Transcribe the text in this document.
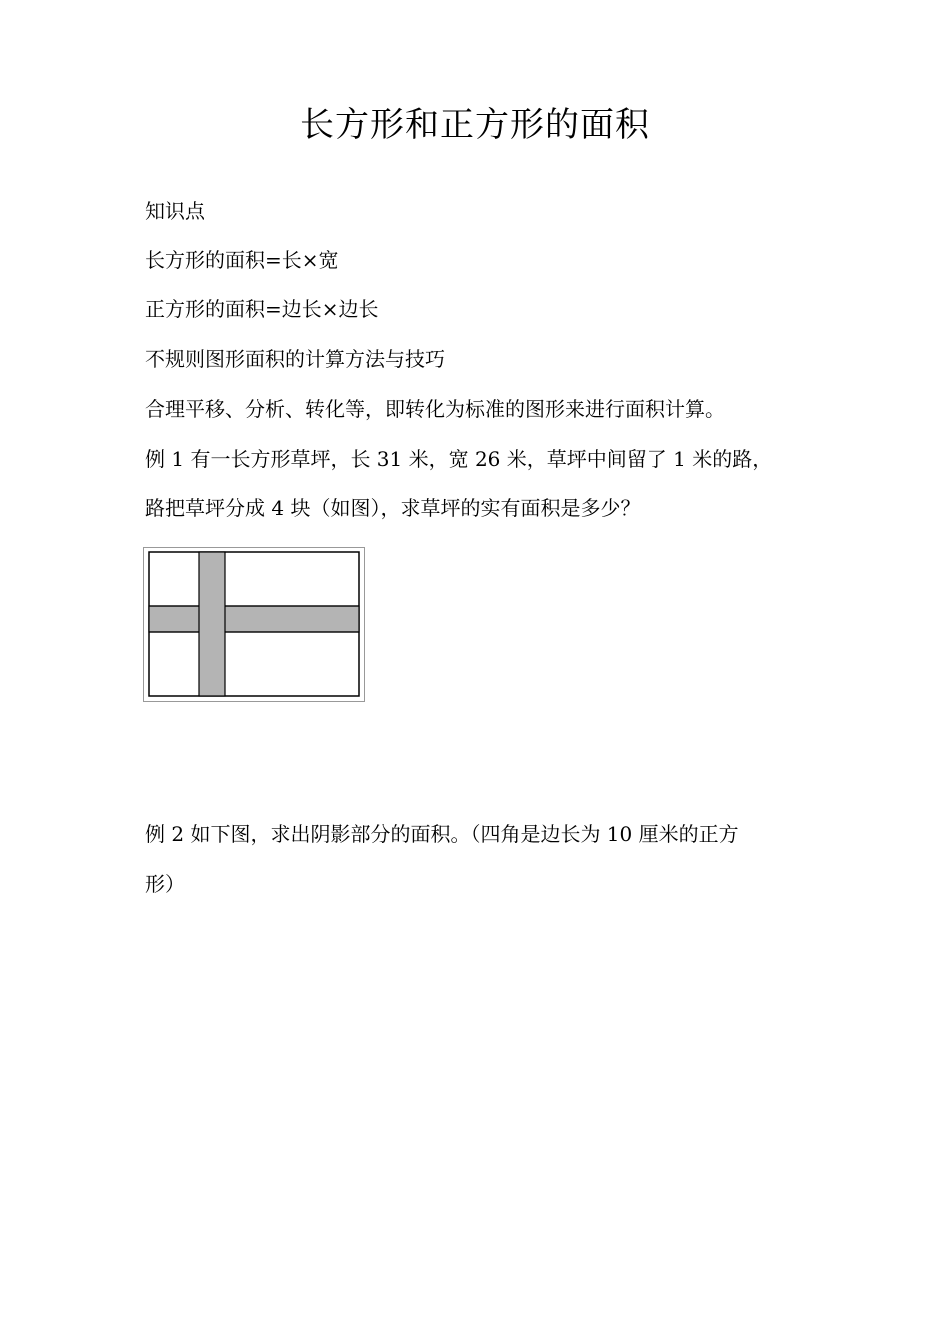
长方形和正方形的面积

知识点

长方形的面积=长×宽

正方形的面积=边长×边长

不规则图形面积的计算方法与技巧

合理平移、分析、转化等，即转化为标准的图形来进行面积计算。

例 1 有一长方形草坪，长 31 米，宽 26 米，草坪中间留了 1 米的路，

路把草坪分成 4 块（如图），求草坪的实有面积是多少？

例 2 如下图，求出阴影部分的面积。（四角是边长为 10 厘米的正方

形）
